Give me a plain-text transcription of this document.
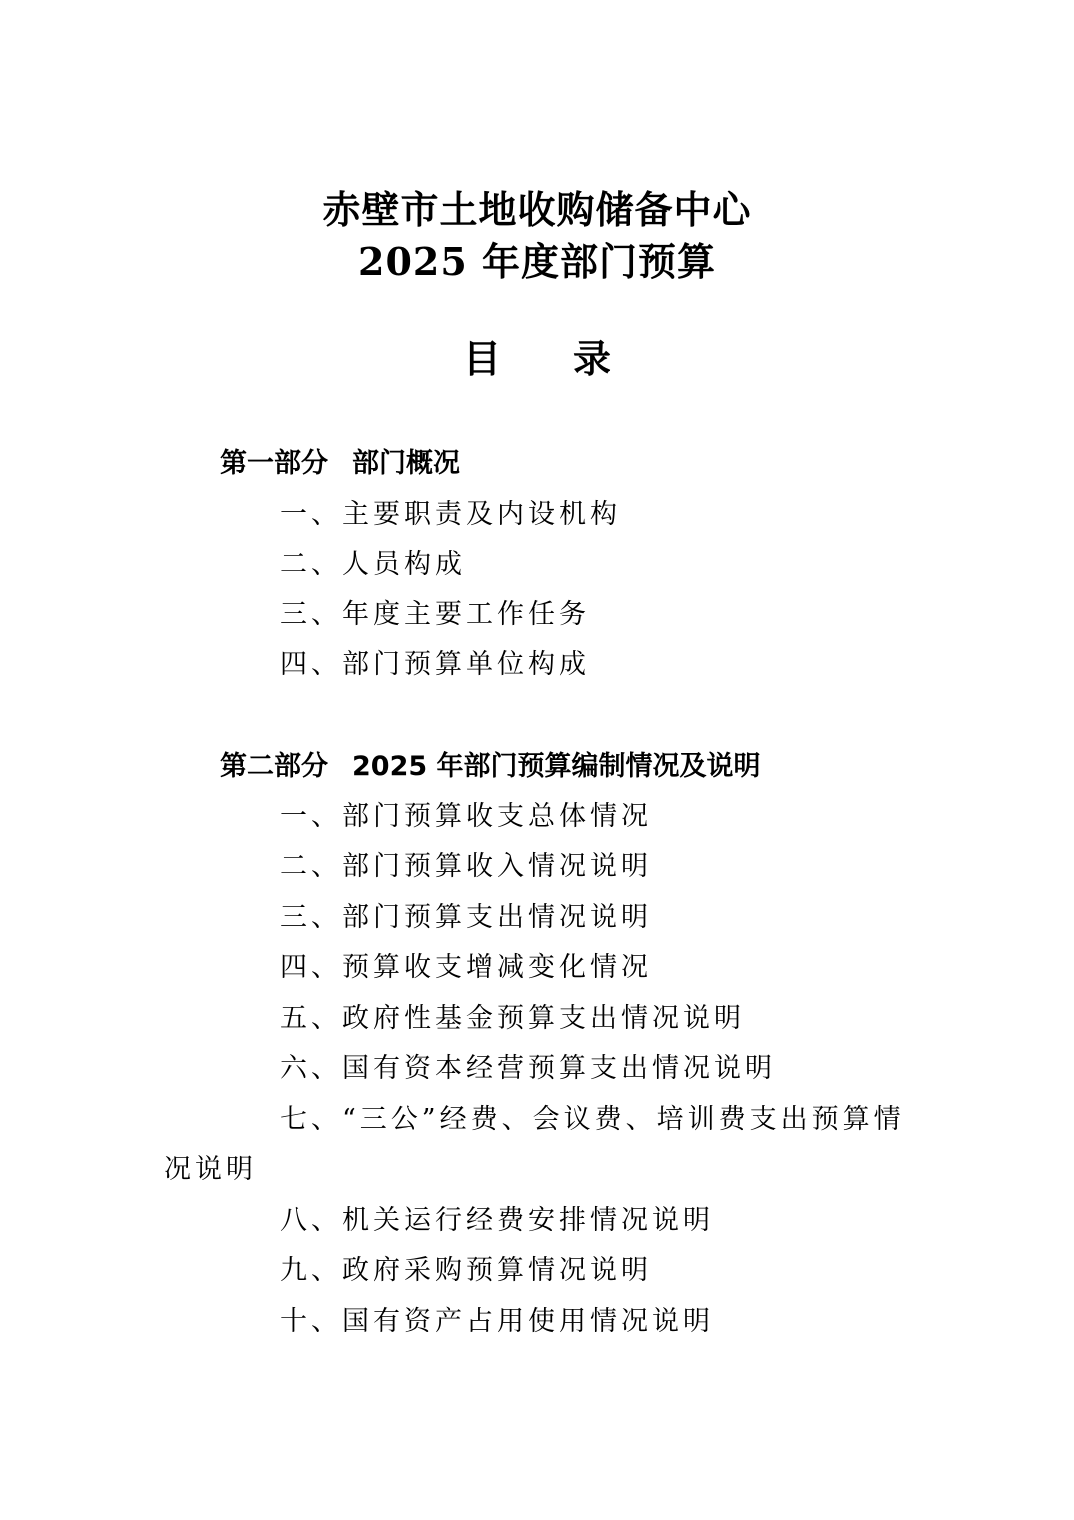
赤壁市土地收购储备中心
2025 年度部门预算
目录
第一部分 部门概况
一、主要职责及内设机构
二、人员构成
三、年度主要工作任务
四、部门预算单位构成
第二部分 2025 年部门预算编制情况及说明
一、部门预算收支总体情况
二、部门预算收入情况说明
三、部门预算支出情况说明
四、预算收支增减变化情况
五、政府性基金预算支出情况说明
六、国有资本经营预算支出情况说明
七、“三公”经费、会议费、培训费支出预算情况说明
八、机关运行经费安排情况说明
九、政府采购预算情况说明
十、国有资产占用使用情况说明
